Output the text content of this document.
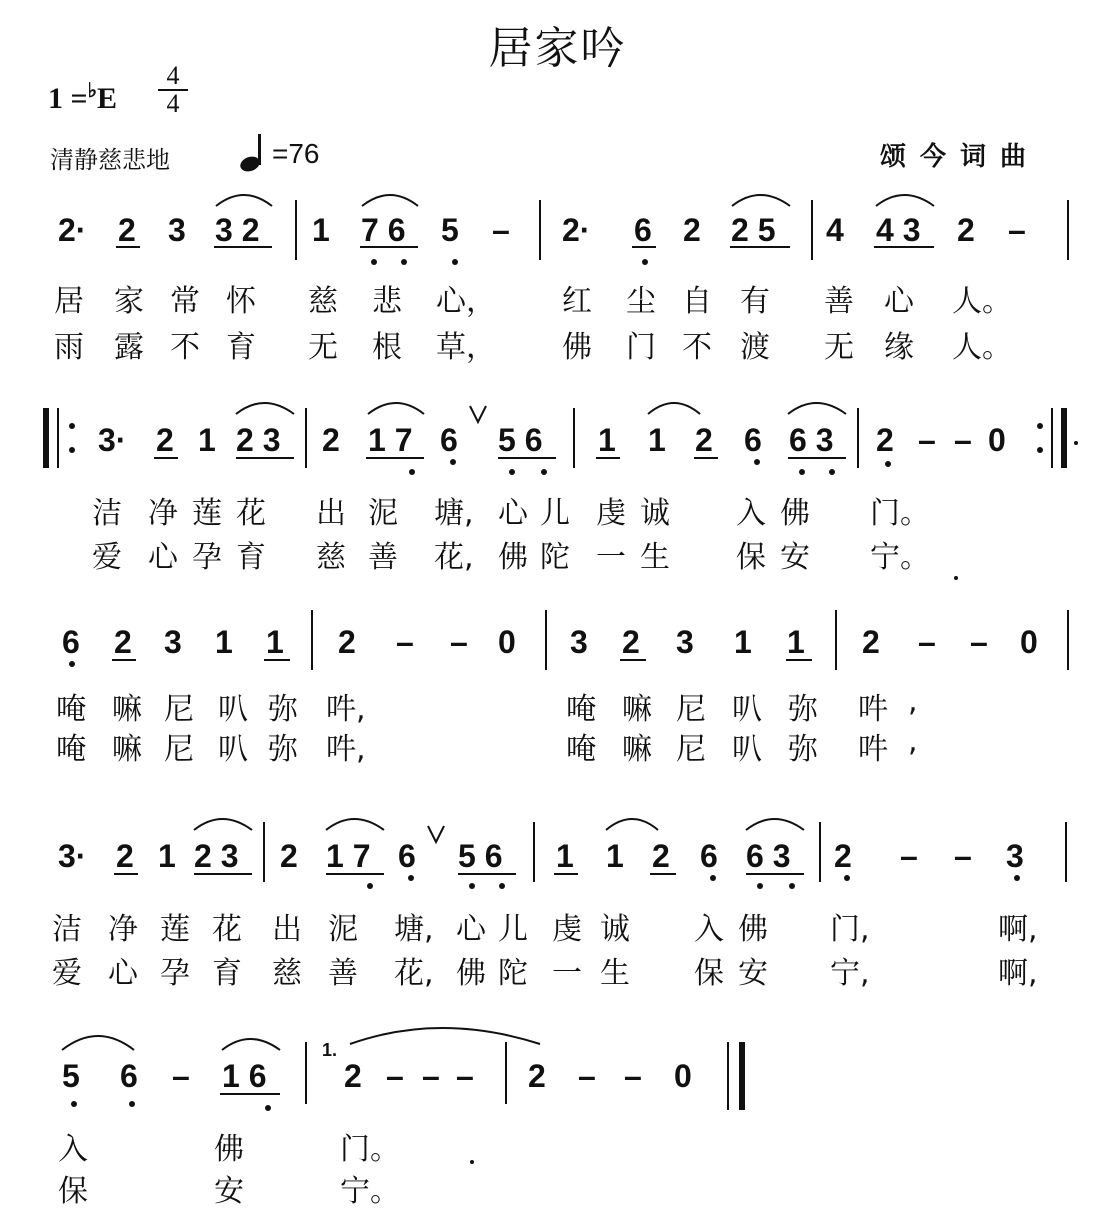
居家吟
1 =♭E
4
4
清静慈悲地	=76	颂今词曲
2· 2 3 3 2 1 7 6 5 – 2· 6 2 2 5 4 4 3 2 –
居 家 常 怀 慈 悲 心， 红 尘 自 有 善 心 人。
雨 露 不 育 无 根 草， 佛 门 不 渡 无 缘 人。
3· 2 1 2 3 2 1 7 6 5 6 1 1 2 6 6 3 2 – – 0
洁 净 莲 花 出 泥 塘, 心 儿 虔 诚 入 佛 门。
爱 心 孕 育 慈 善 花, 佛 陀 一 生 保 安 宁。
6 2 3 1 1 2 – – 0 3 2 3 1 1 2 – – 0
唵 嘛 尼 叭 弥 吽,	唵 嘛 尼 叭 弥 吽 ,
唵 嘛 尼 叭 弥 吽,	唵 嘛 尼 叭 弥 吽 ,
3· 2 1 2 3 2 1 7 6 5 6 1 1 2 6 6 3 2 – – 3
洁 净 莲 花 出 泥 塘, 心 儿 虔 诚 入 佛 门,	啊,
爱 心 孕 育 慈 善 花, 佛 陀 一 生 保 安 宁,	啊,
5 6 – 1 6 2 – – – 2 – – 0
1.
入	佛	门。
保	安	宁。
